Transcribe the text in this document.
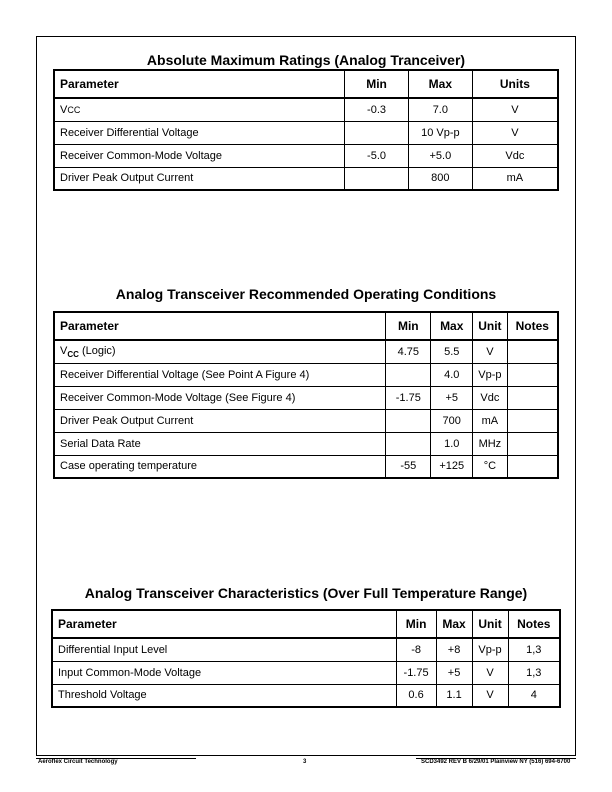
Absolute Maximum Ratings (Analog Tranceiver)
Parameter	Min	Max	Units
VCC	-0.3	7.0	V
Receiver Differential Voltage		10 Vp-p	V
Receiver Common-Mode Voltage	-5.0	+5.0	Vdc
Driver Peak Output Current		800	mA
Analog Transceiver Recommended Operating Conditions
Parameter	Min	Max	Unit	Notes
$V_{CC}$ (Logic)	4.75	5.5	V	
Receiver Differential Voltage (See Point A Figure 4)		4.0	Vp-p	
Receiver Common-Mode Voltage (See Figure 4)	-1.75	+5	Vdc	
Driver Peak Output Current		700	mA	
Serial Data Rate		1.0	MHz	
Case operating temperature	-55	+125	°C	
Analog Transceiver Characteristics (Over Full Temperature Range)
Parameter	Min	Max	Unit	Notes
Differential Input Level	-8	+8	Vp-p	1,3
Input Common-Mode Voltage	-1.75	+5	V	1,3
Threshold Voltage	0.6	1.1	V	4
Aeroflex Circuit Technology	3	SCD3492 REV B 6/29/01 Plainview NY (516) 694-6700
